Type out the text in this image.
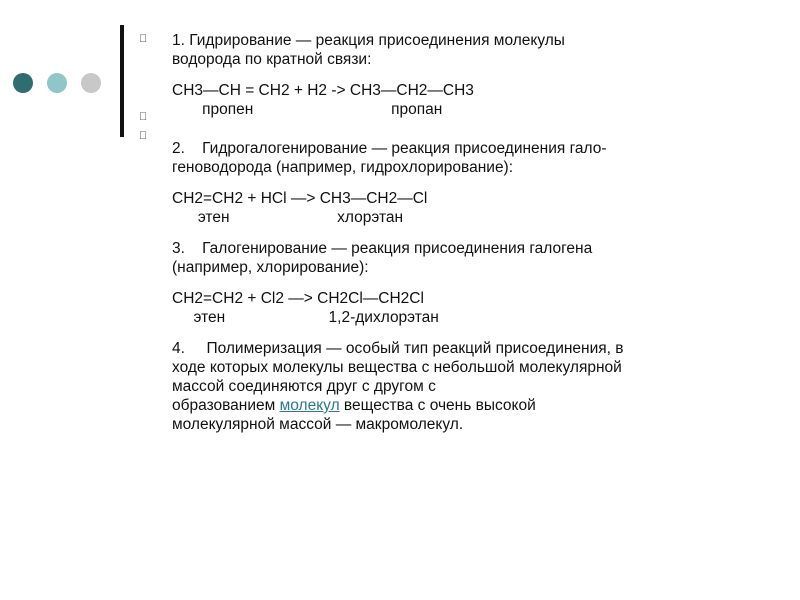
1. Гидрирование — реакция присоединения молекулы
водорода по кратной связи:
CH3—CH = CH2 + H2 -> CH3—CH2—CH3
пропен                                пропан
2.    Гидрогалогенирование — реакция присоединения гало-
геноводорода (например, гидрохлорирование):
CH2=CH2 + HCl —> CH3—CH2—Cl
этен                         хлорэтан
3.    Галогенирование — реакция присоединения галогена
(например, хлорирование):
CH2=CH2 + Cl2 —> CH2Cl—CH2Cl
этен                        1,2-дихлорэтан
4.     Полимеризация — особый тип реакций присоединения, в
ходе которых молекулы вещества с небольшой молекулярной
массой соединяются друг с другом с
образованием молекул вещества с очень высокой
молекулярной массой — макромолекул.
